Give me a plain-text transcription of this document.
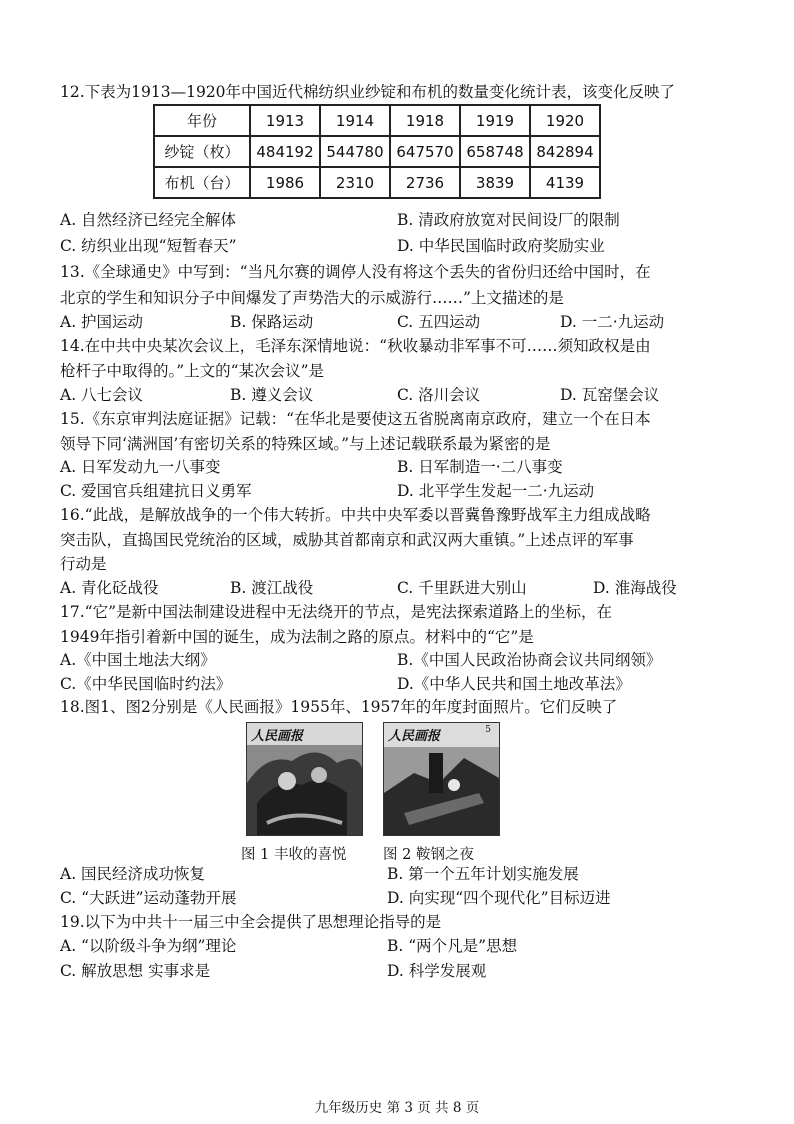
12.下表为1913—1920年中国近代棉纺织业纱锭和布机的数量变化统计表，该变化反映了
年份	1913	1914	1918	1919	1920
纱锭（枚）	484192	544780	647570	658748	842894
布机（台）	1986	2310	2736	3839	4139
A. 自然经济已经完全解体	B. 清政府放宽对民间设厂的限制
C. 纺织业出现“短暂春天”	D. 中华民国临时政府奖励实业
13.《全球通史》中写到：“当凡尔赛的调停人没有将这个丢失的省份归还给中国时，在
北京的学生和知识分子中间爆发了声势浩大的示威游行……”上文描述的是
A. 护国运动	B. 保路运动	C. 五四运动	D. 一二·九运动
14.在中共中央某次会议上，毛泽东深情地说：“秋收暴动非军事不可……须知政权是由
枪杆子中取得的。”上文的“某次会议”是
A. 八七会议	B. 遵义会议	C. 洛川会议	D. 瓦窑堡会议
15.《东京审判法庭证据》记载：“在华北是要使这五省脱离南京政府，建立一个在日本
领导下同‘满洲国’有密切关系的特殊区域。”与上述记载联系最为紧密的是
A. 日军发动九一八事变	B. 日军制造一·二八事变
C. 爱国官兵组建抗日义勇军	D. 北平学生发起一二·九运动
16.“此战，是解放战争的一个伟大转折。中共中央军委以晋冀鲁豫野战军主力组成战略
突击队，直捣国民党统治的区域，威胁其首都南京和武汉两大重镇。”上述点评的军事
行动是
A. 青化砭战役	B. 渡江战役	C. 千里跃进大别山	D. 淮海战役
17.“它”是新中国法制建设进程中无法绕开的节点，是宪法探索道路上的坐标，在
1949年指引着新中国的诞生，成为法制之路的原点。材料中的“它”是
A.《中国土地法大纲》	B.《中国人民政治协商会议共同纲领》
C.《中华民国临时约法》	D.《中华人民共和国土地改革法》
18.图1、图2分别是《人民画报》1955年、1957年的年度封面照片。它们反映了
人民画报	人民画报	5
图 1 丰收的喜悦	图 2 鞍钢之夜
A. 国民经济成功恢复	B. 第一个五年计划实施发展
C. “大跃进”运动蓬勃开展	D. 向实现“四个现代化”目标迈进
19.以下为中共十一届三中全会提供了思想理论指导的是
A. “以阶级斗争为纲”理论	B. “两个凡是”思想
C. 解放思想 实事求是	D. 科学发展观
九年级历史 第 3 页 共 8 页
